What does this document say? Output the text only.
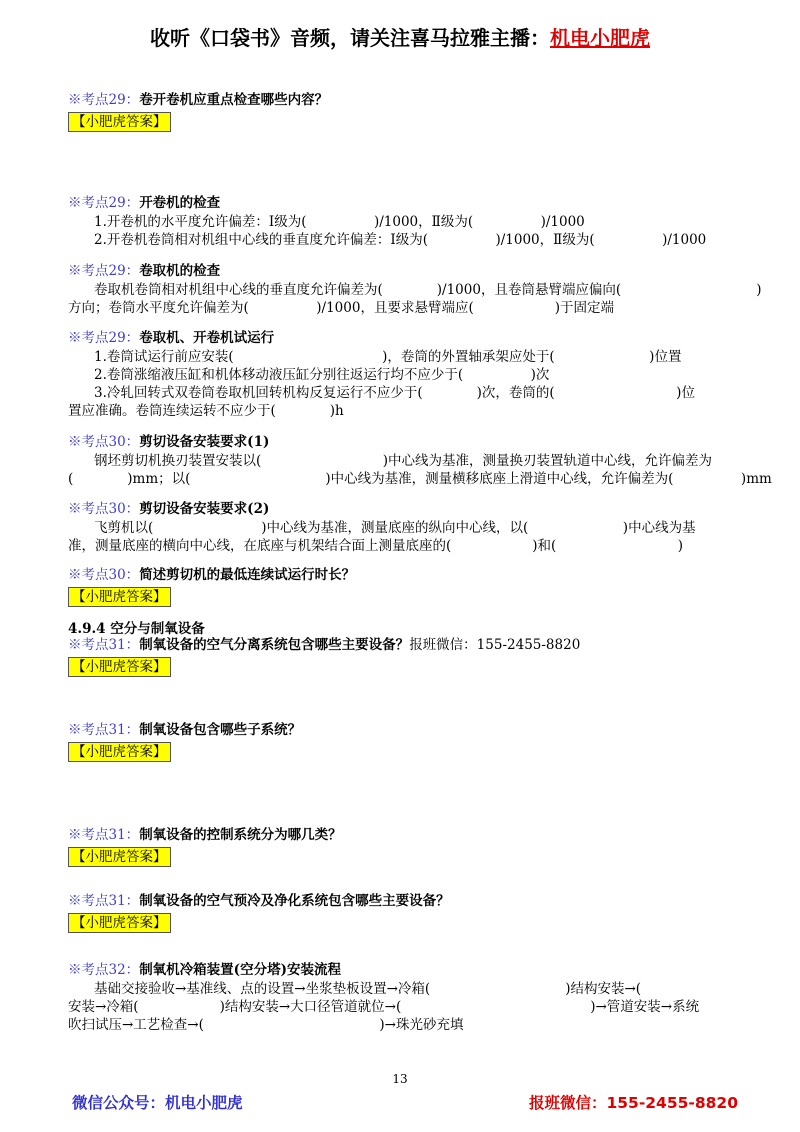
收听《口袋书》音频，请关注喜马拉雅主播：机电小肥虎
※考点29：卷开卷机应重点检查哪些内容？
【小肥虎答案】
※考点29：开卷机的检查
1.开卷机的水平度允许偏差：I级为(　　　　　)/1000，Ⅱ级为(　　　　　)/1000
2.开卷机卷筒相对机组中心线的垂直度允许偏差：I级为(　　　　　)/1000，Ⅱ级为(　　　　　)/1000
※考点29：卷取机的检查
卷取机卷筒相对机组中心线的垂直度允许偏差为(　　　　)/1000，且卷筒悬臂端应偏向(　　　　　　　　　　)
方向；卷筒水平度允许偏差为(　　　　　)/1000，且要求悬臂端应(　　　　　　)于固定端
※考点29：卷取机、开卷机试运行
1.卷筒试运行前应安装(　　　　　　　　　　　)，卷筒的外置轴承架应处于(　　　　　　　)位置
2.卷筒涨缩液压缸和机体移动液压缸分别往返运行均不应少于(　　　　　)次
3.冷轧回转式双卷筒卷取机回转机构反复运行不应少于(　　　　)次，卷筒的(　　　　　　　　　)位
置应准确。卷筒连续运转不应少于(　　　　)h
※考点30：剪切设备安装要求(1)
钢坯剪切机换刃装置安装以(　　　　　　　　　)中心线为基准，测量换刃装置轨道中心线，允许偏差为
(　　　　)mm；以(　　　　　　　　　　)中心线为基准，测量横移底座上滑道中心线，允许偏差为(　　　　　)mm
※考点30：剪切设备安装要求(2)
飞剪机以(　　　　　　　　)中心线为基准，测量底座的纵向中心线，以(　　　　　　　)中心线为基
准，测量底座的横向中心线，在底座与机架结合面上测量底座的(　　　　　　)和(　　　　　　　　　)
※考点30：简述剪切机的最低连续试运行时长？
【小肥虎答案】
4.9.4 空分与制氧设备
※考点31：制氧设备的空气分离系统包含哪些主要设备？报班微信：155-2455-8820
【小肥虎答案】
※考点31：制氧设备包含哪些子系统？
【小肥虎答案】
※考点31：制氧设备的控制系统分为哪几类？
【小肥虎答案】
※考点31：制氧设备的空气预冷及净化系统包含哪些主要设备？
【小肥虎答案】
※考点32：制氧机冷箱装置(空分塔)安装流程
基础交接验收→基准线、点的设置→坐浆垫板设置→冷箱(　　　　　　　　　　)结构安装→(　　　　　　　　
安装→冷箱(　　　　　　)结构安装→大口径管道就位→(　　　　　　　　　　　　　　)→管道安装→系统
吹扫试压→工艺检查→(　　　　　　　　　　　　　)→珠光砂充填
13
微信公众号：机电小肥虎	报班微信：155-2455-8820
